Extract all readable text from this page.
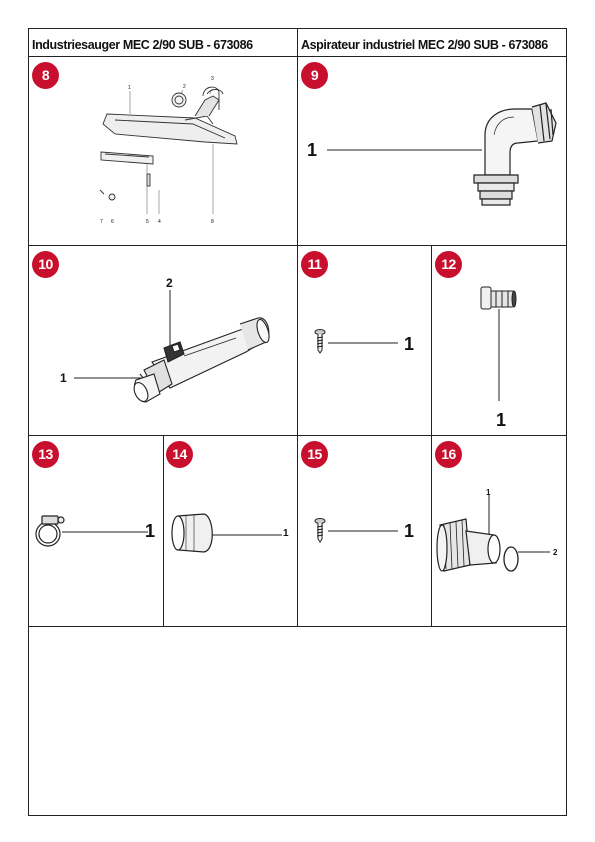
Industriesauger MEC 2/90 SUB - 673086	Aspirateur industriel MEC 2/90 SUB - 673086
8
1	2
3
4
5
6
7	8
9
1
10
2
1
11
1
12
1
13
1
14
1
15
1
16
1
2
